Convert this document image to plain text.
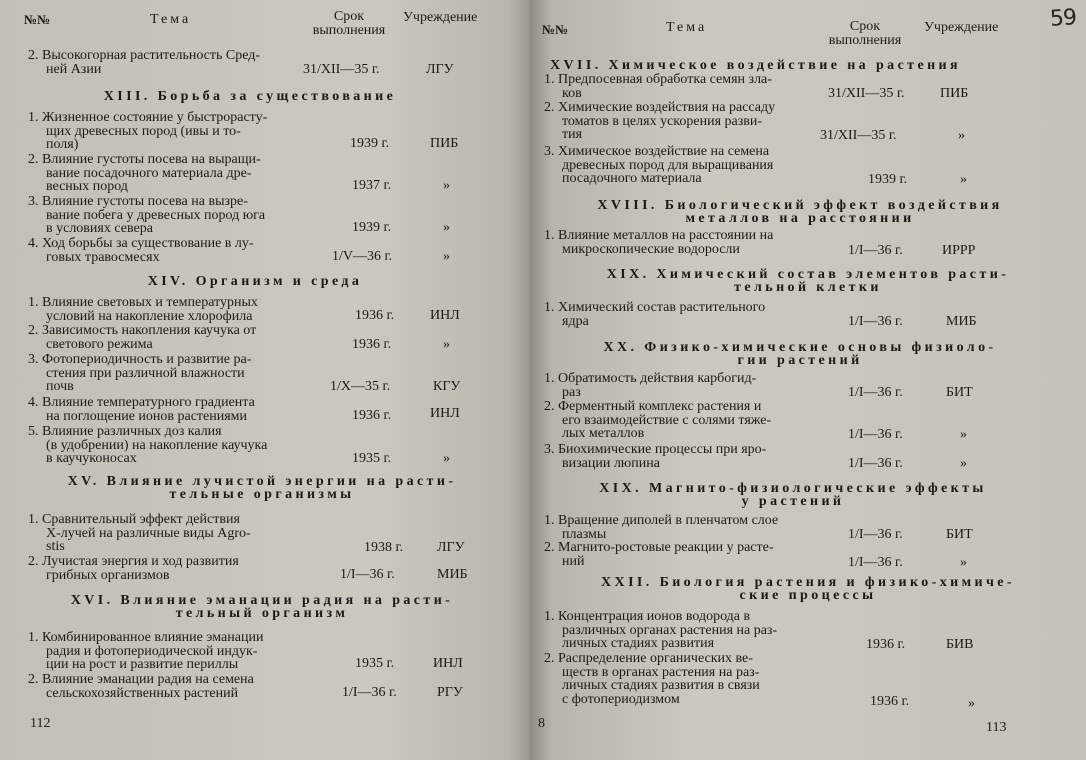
№№	Тема	Срок
выполнения
Учреждение
2. Высокогорная растительность Сред-
ней Азии	31/XII—35 г.	ЛГУ
XIII. Борьба за существование
1. Жизненное состояние у быстрорасту-
щих древесных пород (ивы и то-
поля)	1939 г.	ПИБ
2. Влияние густоты посева на выращи-
вание посадочного материала дре-
весных пород	1937 г.	»
3. Влияние густоты посева на вызре-
вание побега у древесных пород юга
в условиях севера	1939 г.	»
4. Ход борьбы за существование в лу-
говых травосмесях	1/V—36 г.	»
XIV. Организм и среда
1. Влияние световых и температурных
условий на накопление хлорофила	1936 г.	ИНЛ
2. Зависимость накопления каучука от
светового режима	1936 г.	»
3. Фотопериодичность и развитие ра-
стения при различной влажности
почв	1/X—35 г.	КГУ
4. Влияние температурного градиента
на поглощение ионов растениями	1936 г.	ИНЛ
5. Влияние различных доз калия
(в удобрении) на накопление каучука
в каучуконосах	1935 г.	»
XV. Влияние лучистой энергии на расти-
тельные организмы
1. Сравнительный эффект действия
X-лучей на различные виды Agro-
stis	1938 г. ЛГУ
2. Лучистая энергия и ход развития
грибных организмов	1/I—36 г.	МИБ
XVI. Влияние эманации радия на расти-
тельный организм
1. Комбинированное влияние эманации
радия и фотопериодической индук-
ции на рост и развитие периллы	1935 г.	ИНЛ
2. Влияние эманации радия на семена
сельскохозяйственных растений	1/I—36 г.	РГУ
112
№№	Тема	Срок
выполнения
Учреждение 59
XVII. Химическое воздействие на растения
1. Предпосевная обработка семян зла-
ков	31/XII—35 г.	ПИБ
2. Химические воздействия на рассаду
томатов в целях ускорения разви-
тия	31/XII—35 г.	»
3. Химическое воздействие на семена
древесных пород для выращивания
посадочного материала	1939 г.	»
XVIII. Биологический эффект воздействия
металлов на расстоянии
1. Влияние металлов на расстоянии на
микроскопические водоросли	1/I—36 г.	ИРРР
XIX. Химический состав элементов расти-
тельной клетки
1. Химический состав растительного
ядра	1/I—36 г.	МИБ
XX. Физико-химические основы физиоло-
гии растений
1. Обратимость действия карбогид-
раз	1/I—36 г.	БИТ
2. Ферментный комплекс растения и
его взаимодействие с солями тяже-
лых металлов	1/I—36 г.	»
3. Биохимические процессы при яро-
визации люпина	1/I—36 г.	»
XIX. Магнито-физиологические эффекты
у растений
1. Вращение диполей в пленчатом слое
плазмы	1/I—36 г.	БИТ
2. Магнито-ростовые реакции у расте-
ний	1/I—36 г.	»
XXII. Биология растения и физико-химиче-
ские процессы
1. Концентрация ионов водорода в
различных органах растения на раз-
личных стадиях развития	1936 г.	БИВ
2. Распределение органических ве-
ществ в органах растения на раз-
личных стадиях развития в связи
с фотопериодизмом	1936 г.	»
8	113
